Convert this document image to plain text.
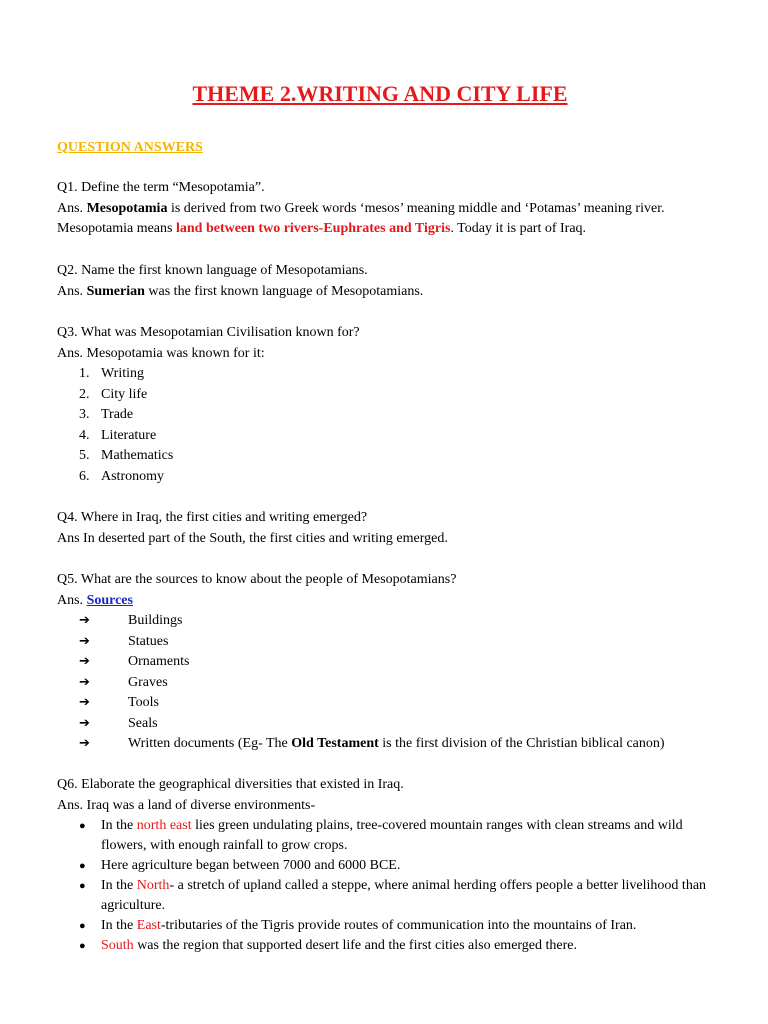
THEME 2.WRITING AND CITY LIFE
QUESTION ANSWERS

Q1. Define the term “Mesopotamia”.

Ans. Mesopotamia is derived from two Greek words ‘mesos’ meaning middle and ‘Potamas’ meaning river. Mesopotamia means land between two rivers-Euphrates and Tigris. Today it is part of Iraq.

Q2. Name the first known language of Mesopotamians.

Ans. Sumerian was the first known language of Mesopotamians.

Q3. What was Mesopotamian Civilisation known for?

Ans. Mesopotamia was known for it:

1. Writing
2. City life
3. Trade
4. Literature
5. Mathematics
6. Astronomy

Q4. Where in Iraq, the first cities and writing emerged?

Ans In deserted part of the South, the first cities and writing emerged.

Q5. What are the sources to know about the people of Mesopotamians?

Ans. Sources

➔	Buildings
➔	Statues
➔	Ornaments
➔	Graves
➔	Tools
➔	Seals
➔	Written documents (Eg- The Old Testament is the first division of the Christian biblical canon)

Q6. Elaborate the geographical diversities that existed in Iraq.

Ans. Iraq was a land of diverse environments-

● In the north east lies green undulating plains, tree-covered mountain ranges with clean streams and wild flowers, with enough rainfall to grow crops.
● Here agriculture began between 7000 and 6000 BCE.
● In the North- a stretch of upland called a steppe, where animal herding offers people a better livelihood than agriculture.
● In the East-tributaries of the Tigris provide routes of communication into the mountains of Iran.
● South was the region that supported desert life and the first cities also emerged there.
